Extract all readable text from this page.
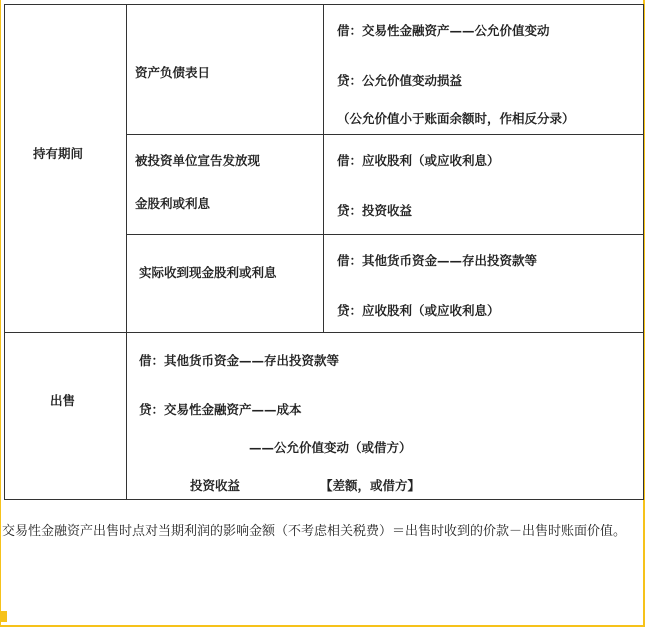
持有期间
出售
资产负债表日
借：交易性金融资产——公允价值变动
贷：公允价值变动损益
（公允价值小于账面余额时，作相反分录）
被投资单位宣告发放现
金股利或利息
借：应收股利（或应收利息）
贷：投资收益
实际收到现金股利或利息
借：其他货币资金——存出投资款等
贷：应收股利（或应收利息）
借：其他货币资金——存出投资款等
贷：交易性金融资产——成本
——公允价值变动（或借方）
投资收益	【差额，或借方】
交易性金融资产出售时点对当期利润的影响金额（不考虑相关税费）＝出售时收到的价款－出售时账面价值。
